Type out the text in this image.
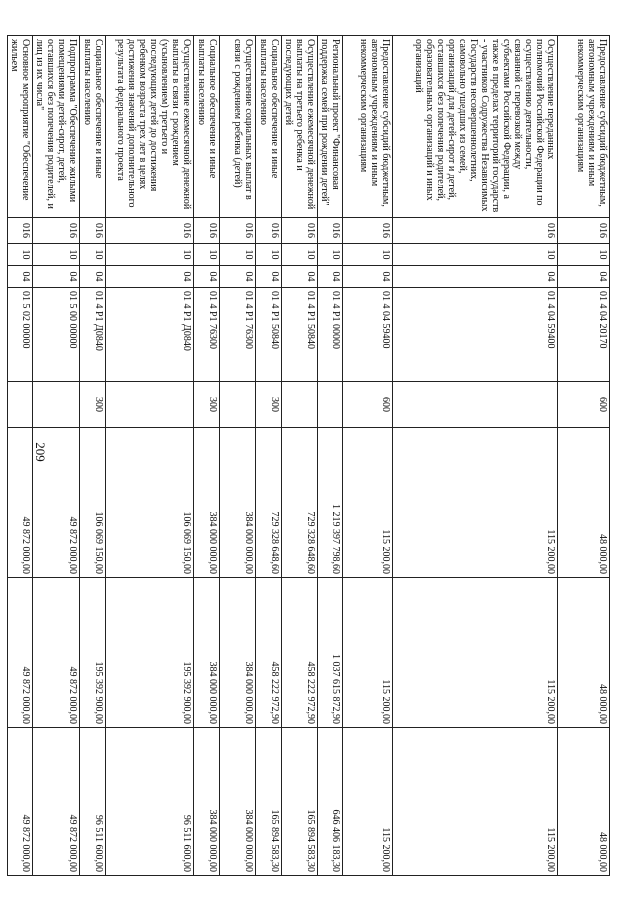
209
Предоставление субсидий бюджетным, автономным учреждениям и иным некоммерческим организациям	016	10	04	01 4 04 20170	600	48 000,00	48 000,00	48 000,00
Осуществление переданных полномочий Российской Федерации по осуществлению деятельности, связанной с перевозкой между субъектами Российской Федерации, а также в пределах территорий государств - участников Содружества Независимых Государств несовершеннолетних, самовольно ушедших из семей, организаций для детей-сирот и детей, оставшихся без попечения родителей, образовательных организаций и иных организаций	016	10	04	01 4 04 59400		115 200,00	115 200,00	115 200,00
Предоставление субсидий бюджетным, автономным учреждениям и иным некоммерческим организациям	016	10	04	01 4 04 59400	600	115 200,00	115 200,00	115 200,00
Региональный проект "Финансовая поддержка семей при рождении детей"	016	10	04	01 4 P1 00000		1 219 397 798,60	1 037 615 872,90	646 406 183,30
Осуществление ежемесячной денежной выплаты на третьего ребенка и последующих детей	016	10	04	01 4 P1 50840		729 328 648,60	458 222 972,90	165 894 583,30
Социальное обеспечение и иные выплаты населению	016	10	04	01 4 P1 50840	300	729 328 648,60	458 222 972,90	165 894 583,30
Осуществление социальных выплат в связи с рождением ребенка (детей)	016	10	04	01 4 P1 76300		384 000 000,00	384 000 000,00	384 000 000,00
Социальное обеспечение и иные выплаты населению	016	10	04	01 4 P1 76300	300	384 000 000,00	384 000 000,00	384 000 000,00
Осуществление ежемесячной денежной выплаты в связи с рождением (усыновлением) третьего и последующих детей до достижения ребенком возраста трех лет в целях достижения значений дополнительного результата федерального проекта	016	10	04	01 4 P1 Д0840		106 069 150,00	195 392 900,00	96 511 600,00
Социальное обеспечение и иные выплаты населению	016	10	04	01 4 P1 Д0840	300	106 069 150,00	195 392 900,00	96 511 600,00
Подпрограмма "Обеспечение жилыми помещениями детей-сирот, детей, оставшихся без попечения родителей, и лиц из их числа"	016	10	04	01 5 00 00000		49 872 000,00	49 872 000,00	49 872 000,00
Основное мероприятие "Обеспечение жильем	016	10	04	01 5 02 00000		49 872 000,00	49 872 000,00	49 872 000,00
